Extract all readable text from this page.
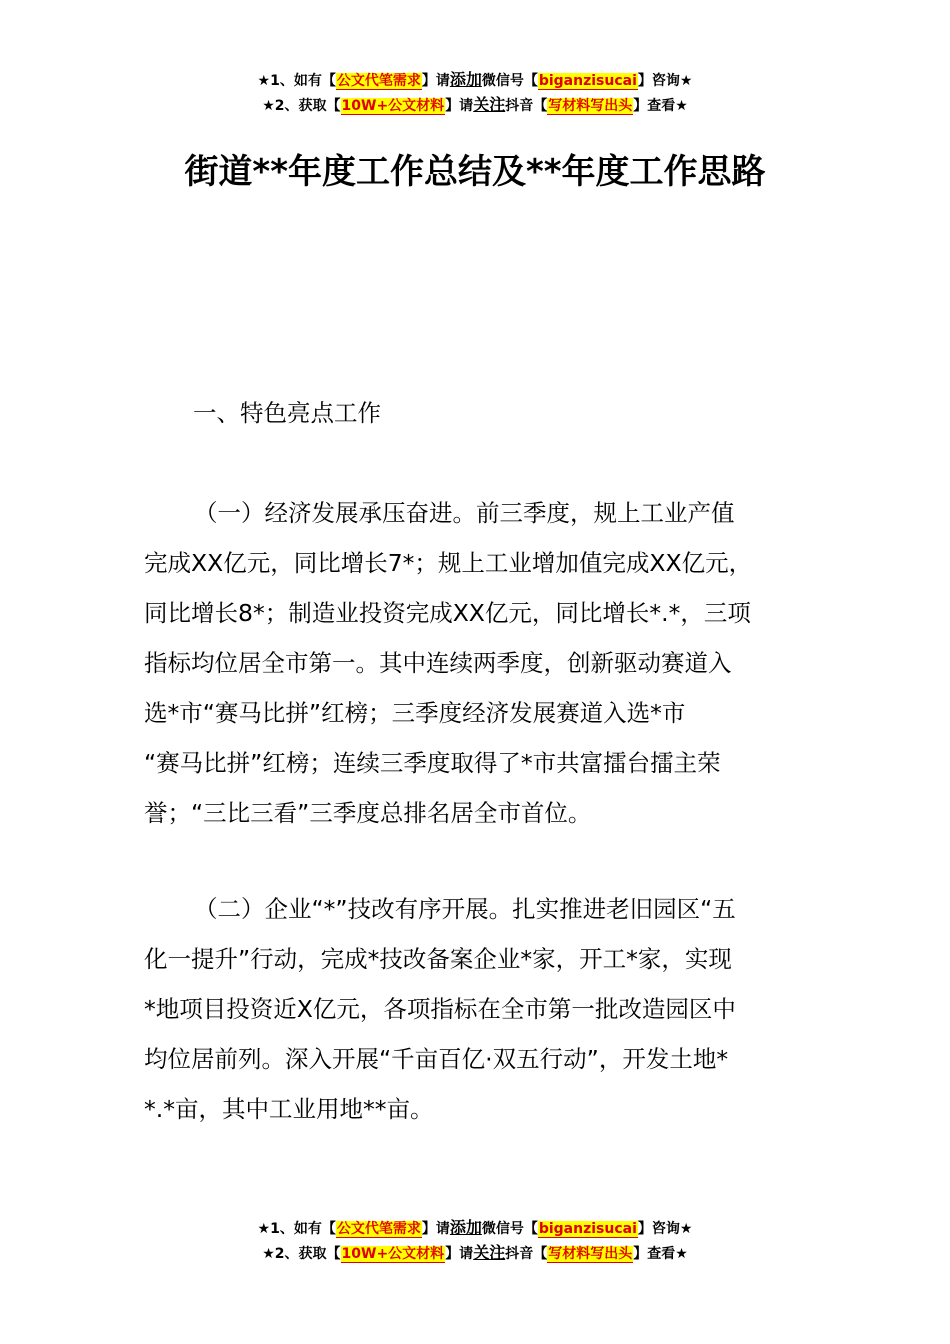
★1、如有【公文代笔需求】请添加微信号【biganzisucai】咨询★
★2、获取【10W+公文材料】请关注抖音【写材料写出头】查看★
街道**年度工作总结及**年度工作思路
一、特色亮点工作
（一）经济发展承压奋进。前三季度，规上工业产值
完成XX亿元，同比增长7*；规上工业增加值完成XX亿元，
同比增长8*；制造业投资完成XX亿元，同比增长*.*，三项
指标均位居全市第一。其中连续两季度，创新驱动赛道入
选*市“赛马比拼”红榜；三季度经济发展赛道入选*市
“赛马比拼”红榜；连续三季度取得了*市共富擂台擂主荣
誉；“三比三看”三季度总排名居全市首位。
（二）企业“*”技改有序开展。扎实推进老旧园区“五
化一提升”行动，完成*技改备案企业*家，开工*家，实现
*地项目投资近X亿元，各项指标在全市第一批改造园区中
均位居前列。深入开展“千亩百亿·双五行动”，开发土地*
*.*亩，其中工业用地**亩。
★1、如有【公文代笔需求】请添加微信号【biganzisucai】咨询★
★2、获取【10W+公文材料】请关注抖音【写材料写出头】查看★
